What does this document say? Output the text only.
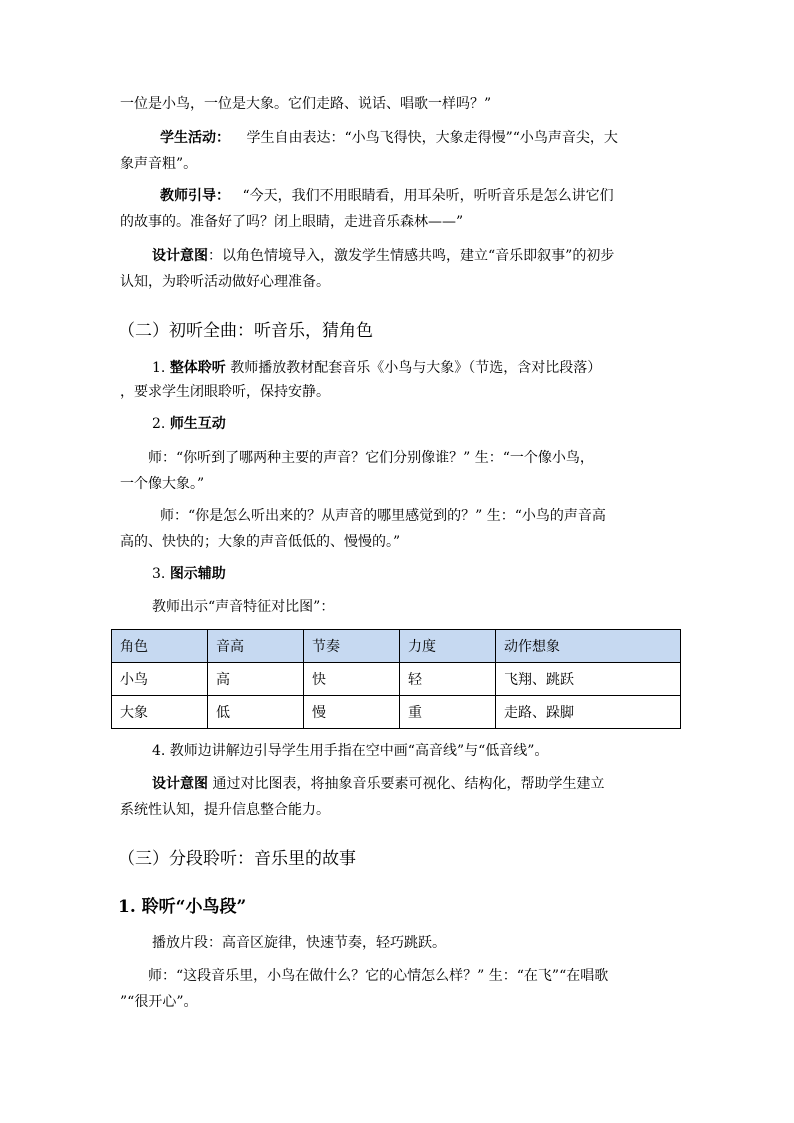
一位是小鸟，一位是大象。它们走路、说话、唱歌一样吗？”
学生活动： 学生自由表达：“小鸟飞得快，大象走得慢”“小鸟声音尖，大
象声音粗”。
教师引导： “今天，我们不用眼睛看，用耳朵听，听听音乐是怎么讲它们
的故事的。准备好了吗？闭上眼睛，走进音乐森林——”
设计意图：以角色情境导入，激发学生情感共鸣，建立“音乐即叙事”的初步
认知，为聆听活动做好心理准备。
（二）初听全曲：听音乐，猜角色
1. 整体聆听 教师播放教材配套音乐《小鸟与大象》（节选，含对比段落）
，要求学生闭眼聆听，保持安静。
2. 师生互动
师：“你听到了哪两种主要的声音？它们分别像谁？” 生：“一个像小鸟，
一个像大象。”
师：“你是怎么听出来的？从声音的哪里感觉到的？” 生：“小鸟的声音高
高的、快快的；大象的声音低低的、慢慢的。”
3. 图示辅助
教师出示“声音特征对比图”：
角色	音高	节奏	力度	动作想象
小鸟	高	快	轻	飞翔、跳跃
大象	低	慢	重	走路、跺脚
4. 教师边讲解边引导学生用手指在空中画“高音线”与“低音线”。
设计意图 通过对比图表，将抽象音乐要素可视化、结构化，帮助学生建立
系统性认知，提升信息整合能力。
（三）分段聆听：音乐里的故事
1. 聆听“小鸟段”
播放片段：高音区旋律，快速节奏，轻巧跳跃。
师：“这段音乐里，小鸟在做什么？它的心情怎么样？” 生：“在飞”“在唱歌
”“很开心”。
